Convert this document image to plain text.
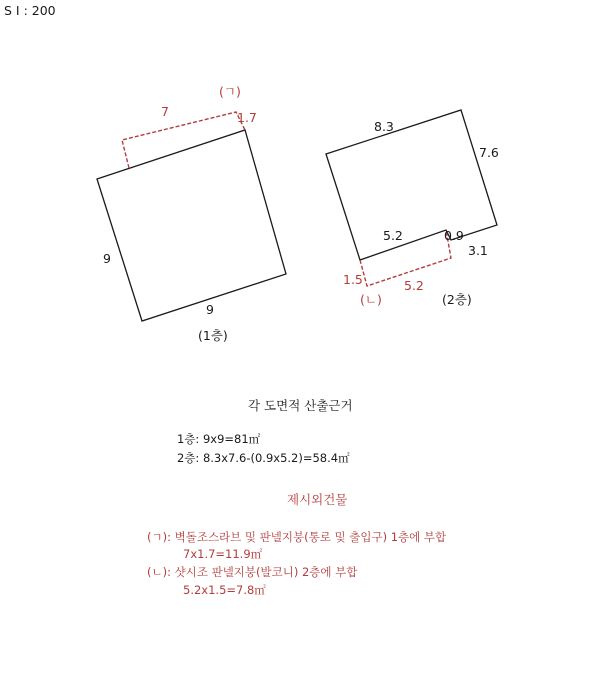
S I : 200
7
(ㄱ)
1.7
9
9
(1층)
8.3
7.6
5.2	0.9
3.1
1.5	5.2
(ㄴ)	(2층)
각 도면적 산출근거
1층: 9x9=81㎡
2층: 8.3x7.6-(0.9x5.2)=58.4㎡
제시외건물
(ㄱ): 벽돌조스라브 및 판넬지붕(통로 및 출입구) 1층에 부합
7x1.7=11.9㎡
(ㄴ): 샷시조 판넬지붕(발코니) 2층에 부합
5.2x1.5=7.8㎡
